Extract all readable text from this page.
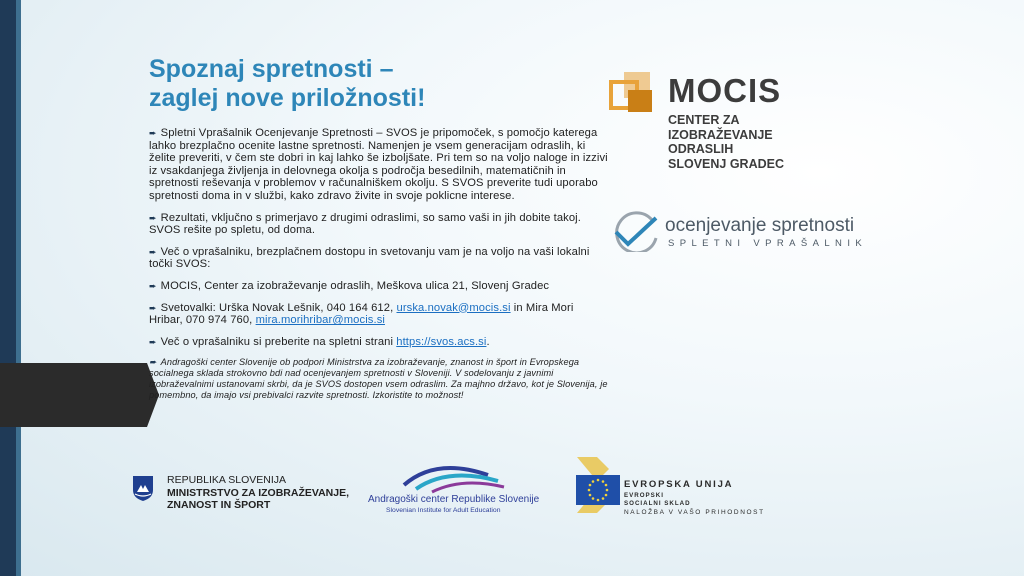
Spoznaj spretnosti –
zaglej nove priložnosti!

➨ Spletni Vprašalnik Ocenjevanje Spretnosti – SVOS je pripomoček, s pomočjo katerega lahko brezplačno ocenite lastne spretnosti. Namenjen je vsem generacijam odraslih, ki želite preveriti, v čem ste dobri in kaj lahko še izboljšate. Pri tem so na voljo naloge in izzivi iz vsakdanjega življenja in delovnega okolja s področja besedilnih, matematičnih in spretnosti reševanja v problemov v računalniškem okolju. S SVOS preverite tudi uporabo spretnosti doma in v službi, kako zdravo živite in svoje poklicne interese.

➨ Rezultati, vključno s primerjavo z drugimi odraslimi, so samo vaši in jih dobite takoj. SVOS rešite po spletu, od doma.

➨ Več o vprašalniku, brezplačnem dostopu in svetovanju vam je na voljo na vaši lokalni točki SVOS:

➨ MOCIS, Center za izobraževanje odraslih, Meškova ulica 21, Slovenj Gradec

➨ Svetovalki: Urška Novak Lešnik, 040 164 612, urska.novak@mocis.si in Mira Mori Hribar, 070 974 760, mira.morihribar@mocis.si

➨ Več o vprašalniku si preberite na spletni strani https://svos.acs.si.

➨ Andragoški center Slovenije ob podpori Ministrstva za izobraževanje, znanost in šport in Evropskega socialnega sklada strokovno bdi nad ocenjevanjem spretnosti v Sloveniji. V sodelovanju z javnimi izobraževalnimi ustanovami skrbi, da je SVOS dostopen vsem odraslim. Za majhno državo, kot je Slovenija, je pomembno, da imajo vsi prebivalci razvite spretnosti. Izkoristite to možnost!

MOCIS

CENTER ZA
IZOBRAŽEVANJE
ODRASLIH
SLOVENJ GRADEC

ocenjevanje spretnosti

SPLETNI VPRAŠALNIK

REPUBLIKA SLOVENIJA
MINISTRSTVO ZA IZOBRAŽEVANJE,
ZNANOST IN ŠPORT	Andragoški center Republike Slovenije

Slovenian Institute for Adult Education

EVROPSKA UNIJA

EVROPSKI
SOCIALNI SKLAD

NALOŽBA V VAŠO PRIHODNOST
